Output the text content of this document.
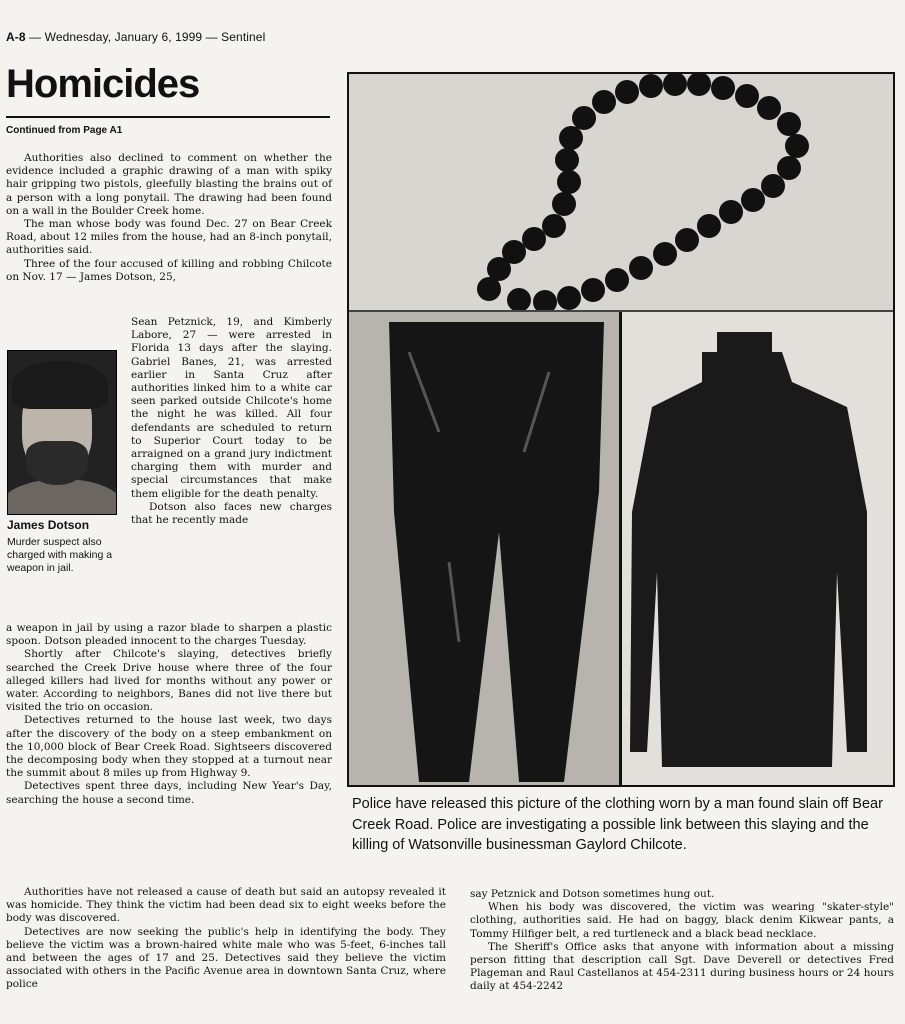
A-8 — Wednesday, January 6, 1999 — Sentinel
Homicides
Continued from Page A1

Authorities also declined to comment on whether the evidence included a graphic drawing of a man with spiky hair gripping two pistols, gleefully blasting the brains out of a person with a long ponytail. The drawing had been found on a wall in the Boulder Creek home.

The man whose body was found Dec. 27 on Bear Creek Road, about 12 miles from the house, had an 8-inch ponytail, authorities said.

Three of the four accused of killing and robbing Chilcote on Nov. 17 — James Dotson, 25,

James Dotson
Murder suspect also charged with making a weapon in jail.

Sean Petznick, 19, and Kimberly Labore, 27 — were arrested in Florida 13 days after the slaying. Gabriel Banes, 21, was arrested earlier in Santa Cruz after authorities linked him to a white car seen parked outside Chilcote's home the night he was killed. All four defendants are scheduled to return to Superior Court today to be arraigned on a grand jury indictment charging them with murder and special circumstances that make them eligible for the death penalty.

Dotson also faces new charges that he recently made

a weapon in jail by using a razor blade to sharpen a plastic spoon. Dotson pleaded innocent to the charges Tuesday.

Shortly after Chilcote's slaying, detectives briefly searched the Creek Drive house where three of the four alleged killers had lived for months without any power or water. According to neighbors, Banes did not live there but visited the trio on occasion.

Detectives returned to the house last week, two days after the discovery of the body on a steep embankment on the 10,000 block of Bear Creek Road. Sightseers discovered the decomposing body when they stopped at a turnout near the summit about 8 miles up from Highway 9.

Detectives spent three days, including New Year's Day, searching the house a second time.	Police have released this picture of the clothing worn by a man found slain off Bear Creek Road. Police are investigating a possible link between this slaying and the killing of Watsonville businessman Gaylord Chilcote.

Authorities have not released a cause of death but said an autopsy revealed it was homicide. They think the victim had been dead six to eight weeks before the body was discovered.

Detectives are now seeking the public's help in identifying the body. They believe the victim was a brown-haired white male who was 5-feet, 6-inches tall and between the ages of 17 and 25. Detectives said they believe the victim associated with others in the Pacific Avenue area in downtown Santa Cruz, where police

say Petznick and Dotson sometimes hung out.

When his body was discovered, the victim was wearing "skater-style" clothing, authorities said. He had on baggy, black denim Kikwear pants, a Tommy Hilfiger belt, a red turtleneck and a black bead necklace.

The Sheriff's Office asks that anyone with information about a missing person fitting that description call Sgt. Dave Deverell or detectives Fred Plageman and Raul Castellanos at 454-2311 during business hours or 24 hours daily at 454-2242
